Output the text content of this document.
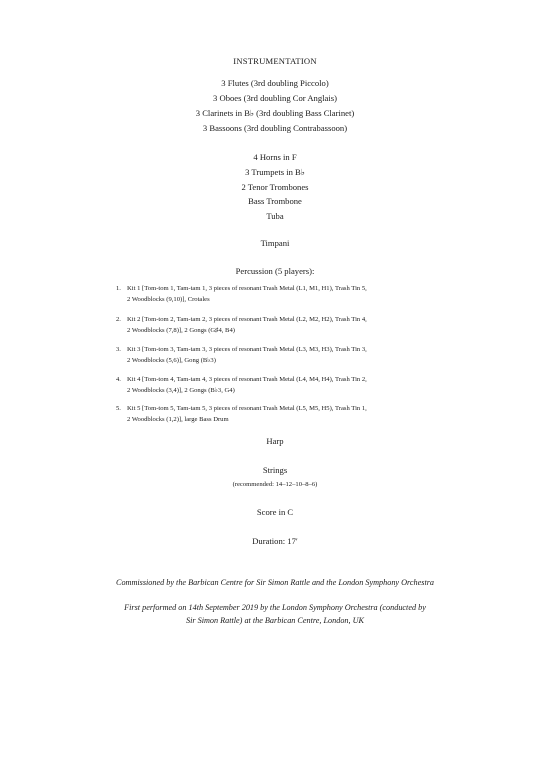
INSTRUMENTATION
3 Flutes (3rd doubling Piccolo)
3 Oboes (3rd doubling Cor Anglais)
3 Clarinets in B♭ (3rd doubling Bass Clarinet)
3 Bassoons (3rd doubling Contrabassoon)
4 Horns in F
3 Trumpets in B♭
2 Tenor Trombones
Bass Trombone
Tuba
Timpani
Percussion (5 players):
1. Kit 1 [Tom-tom 1, Tam-tam 1, 3 pieces of resonant Trash Metal (L1, M1, H1), Trash Tin 5,
2 Woodblocks (9,10)], Crotales
2. Kit 2 [Tom-tom 2, Tam-tam 2, 3 pieces of resonant Trash Metal (L2, M2, H2), Trash Tin 4,
2 Woodblocks (7,8)], 2 Gongs (G♯4, B4)
3. Kit 3 [Tom-tom 3, Tam-tam 3, 3 pieces of resonant Trash Metal (L3, M3, H3), Trash Tin 3,
2 Woodblocks (5,6)], Gong (B♭3)
4. Kit 4 [Tom-tom 4, Tam-tam 4, 3 pieces of resonant Trash Metal (L4, M4, H4), Trash Tin 2,
2 Woodblocks (3,4)], 2 Gongs (B♭3, G4)
5. Kit 5 [Tom-tom 5, Tam-tam 5, 3 pieces of resonant Trash Metal (L5, M5, H5), Trash Tin 1,
2 Woodblocks (1,2)], large Bass Drum
Harp
Strings
(recommended: 14–12–10–8–6)
Score in C
Duration: 17′
Commissioned by the Barbican Centre for Sir Simon Rattle and the London Symphony Orchestra
First performed on 14th September 2019 by the London Symphony Orchestra (conducted by
Sir Simon Rattle) at the Barbican Centre, London, UK
